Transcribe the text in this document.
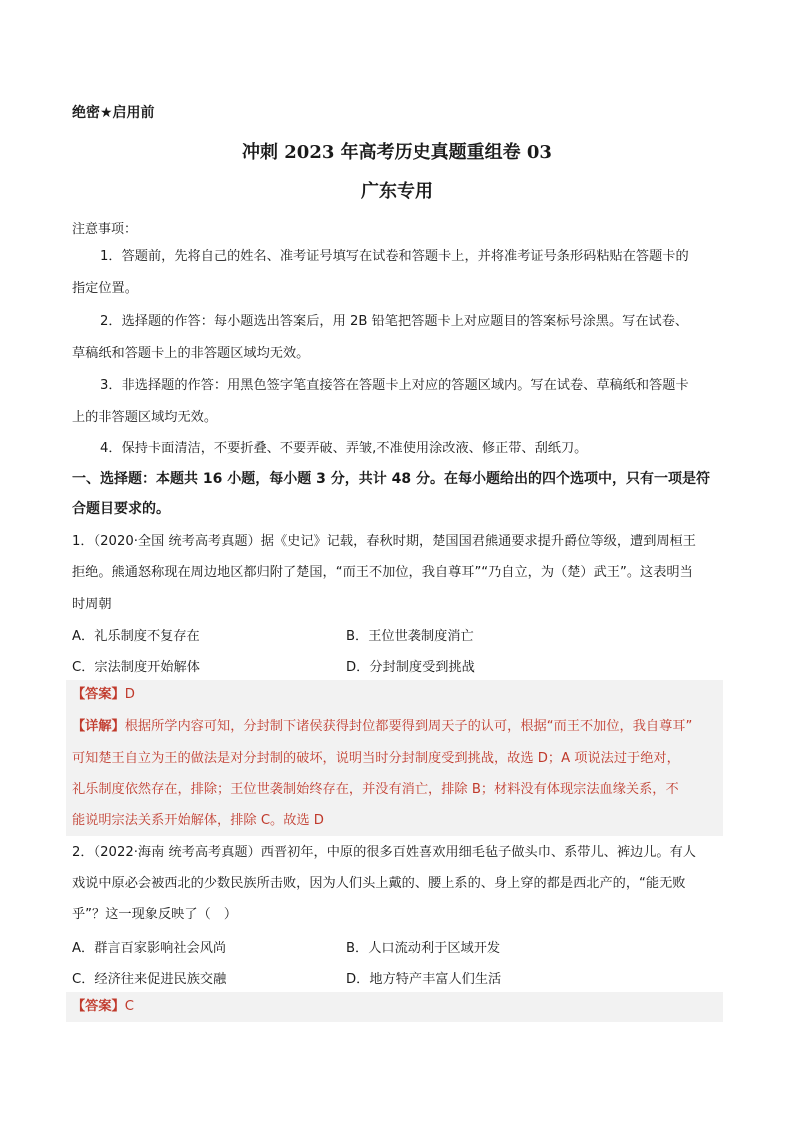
绝密★启用前
冲刺 2023 年高考历史真题重组卷 03
广东专用
注意事项：
1．答题前，先将自己的姓名、准考证号填写在试卷和答题卡上，并将准考证号条形码粘贴在答题卡的
指定位置。
2．选择题的作答：每小题选出答案后，用 2B 铅笔把答题卡上对应题目的答案标号涂黑。写在试卷、
草稿纸和答题卡上的非答题区域均无效。
3．非选择题的作答：用黑色签字笔直接答在答题卡上对应的答题区域内。写在试卷、草稿纸和答题卡
上的非答题区域均无效。
4．保持卡面清洁，不要折叠、不要弄破、弄皱,不准使用涂改液、修正带、刮纸刀。
一、选择题：本题共 16 小题，每小题 3 分，共计 48 分。在每小题给出的四个选项中，只有一项是符
合题目要求的。
1．（2020·全国 统考高考真题）据《史记》记载，春秋时期，楚国国君熊通要求提升爵位等级，遭到周桓王
拒绝。熊通怒称现在周边地区都归附了楚国，“而王不加位，我自尊耳”“乃自立，为（楚）武王”。这表明当
时周朝
A．礼乐制度不复存在	B．王位世袭制度消亡
C．宗法制度开始解体	D．分封制度受到挑战
【答案】D
【详解】根据所学内容可知，分封制下诸侯获得封位都要得到周天子的认可，根据“而王不加位，我自尊耳”
可知楚王自立为王的做法是对分封制的破坏，说明当时分封制度受到挑战，故选 D；A 项说法过于绝对，
礼乐制度依然存在，排除；王位世袭制始终存在，并没有消亡，排除 B；材料没有体现宗法血缘关系，不
能说明宗法关系开始解体，排除 C。故选 D
2．（2022·海南 统考高考真题）西晋初年，中原的很多百姓喜欢用细毛毡子做头巾、系带儿、裤边儿。有人
戏说中原必会被西北的少数民族所击败，因为人们头上戴的、腰上系的、身上穿的都是西北产的，“能无败
乎”？这一现象反映了（　）
A．群言百家影响社会风尚	B．人口流动利于区域开发
C．经济往来促进民族交融	D．地方特产丰富人们生活
【答案】C
